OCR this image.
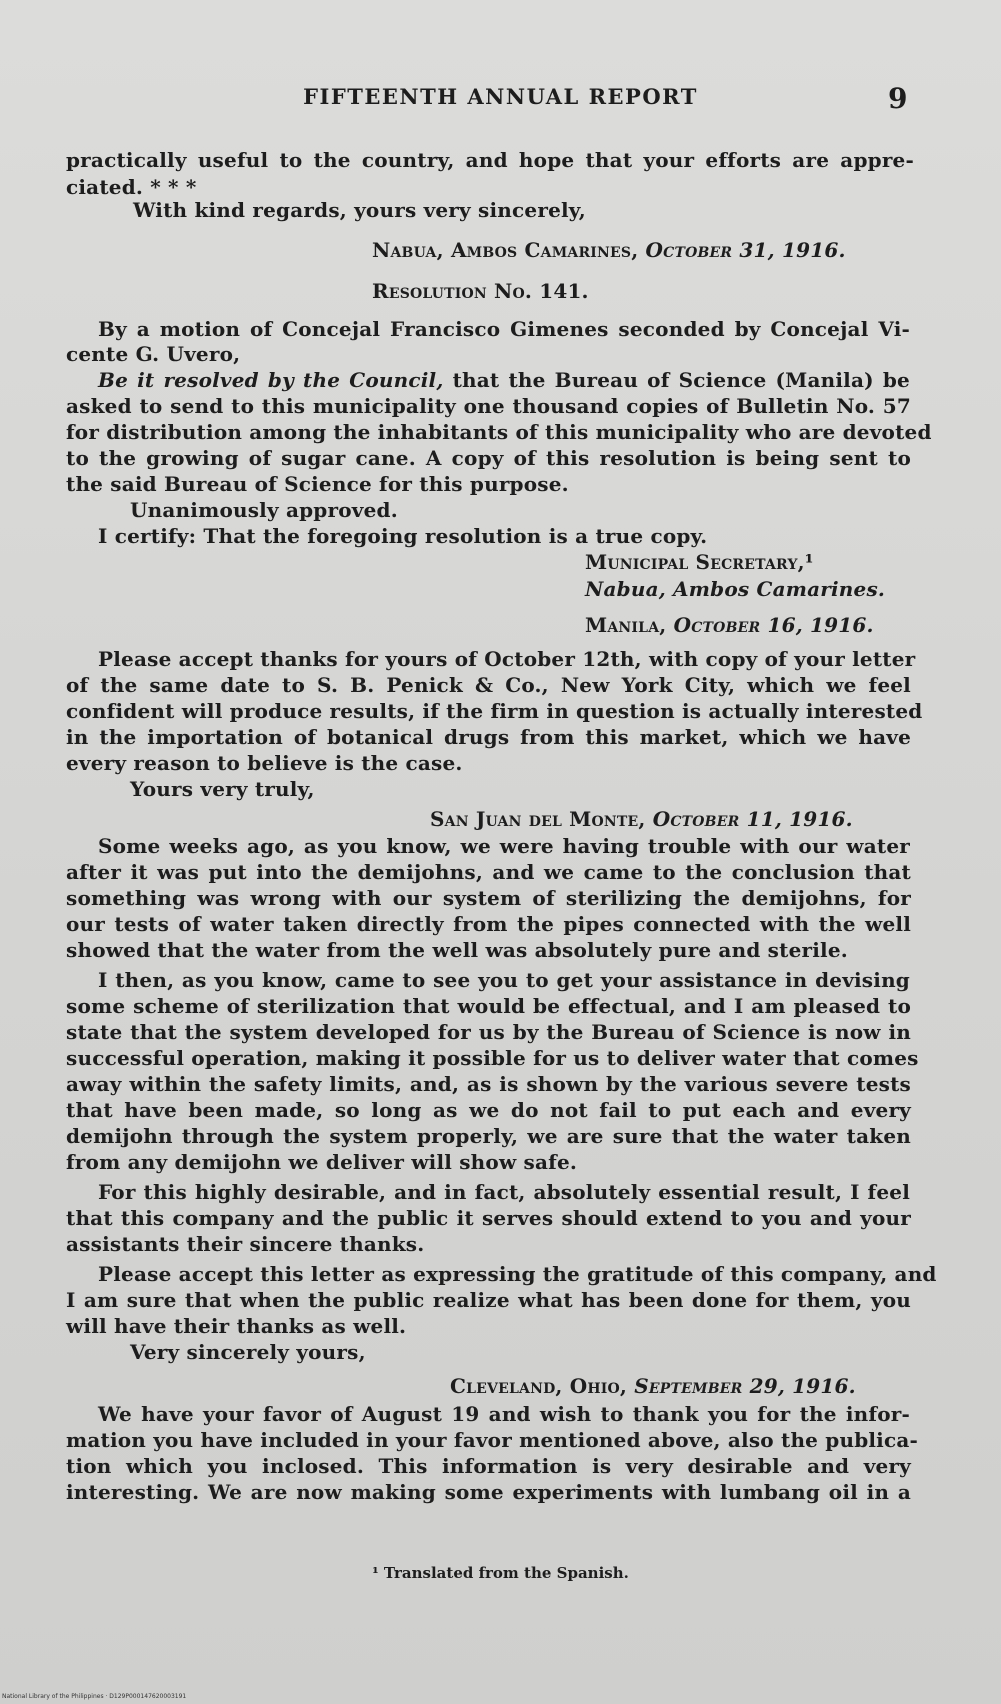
FIFTEENTH ANNUAL REPORT	9
practically useful to the country, and hope that your efforts are appre-
ciated. * * *
With kind regards, yours very sincerely,
Nabua, Ambos Camarines, October 31, 1916.
Resolution No. 141.
By a motion of Concejal Francisco Gimenes seconded by Concejal Vi-
cente G. Uvero,
Be it resolved by the Council, that the Bureau of Science (Manila) be
asked to send to this municipality one thousand copies of Bulletin No. 57
for distribution among the inhabitants of this municipality who are devoted
to the growing of sugar cane. A copy of this resolution is being sent to
the said Bureau of Science for this purpose.
Unanimously approved.
I certify: That the foregoing resolution is a true copy.
Municipal Secretary,¹
Nabua, Ambos Camarines.
Manila, October 16, 1916.
Please accept thanks for yours of October 12th, with copy of your letter
of the same date to S. B. Penick & Co., New York City, which we feel
confident will produce results, if the firm in question is actually interested
in the importation of botanical drugs from this market, which we have
every reason to believe is the case.
Yours very truly,
San Juan del Monte, October 11, 1916.
Some weeks ago, as you know, we were having trouble with our water
after it was put into the demijohns, and we came to the conclusion that
something was wrong with our system of sterilizing the demijohns, for
our tests of water taken directly from the pipes connected with the well
showed that the water from the well was absolutely pure and sterile.
I then, as you know, came to see you to get your assistance in devising
some scheme of sterilization that would be effectual, and I am pleased to
state that the system developed for us by the Bureau of Science is now in
successful operation, making it possible for us to deliver water that comes
away within the safety limits, and, as is shown by the various severe tests
that have been made, so long as we do not fail to put each and every
demijohn through the system properly, we are sure that the water taken
from any demijohn we deliver will show safe.
For this highly desirable, and in fact, absolutely essential result, I feel
that this company and the public it serves should extend to you and your
assistants their sincere thanks.
Please accept this letter as expressing the gratitude of this company, and
I am sure that when the public realize what has been done for them, you
will have their thanks as well.
Very sincerely yours,
Cleveland, Ohio, September 29, 1916.
We have your favor of August 19 and wish to thank you for the infor-
mation you have included in your favor mentioned above, also the publica-
tion which you inclosed. This information is very desirable and very
interesting. We are now making some experiments with lumbang oil in a
¹ Translated from the Spanish.
National Library of the Philippines · D129P000147620003191
